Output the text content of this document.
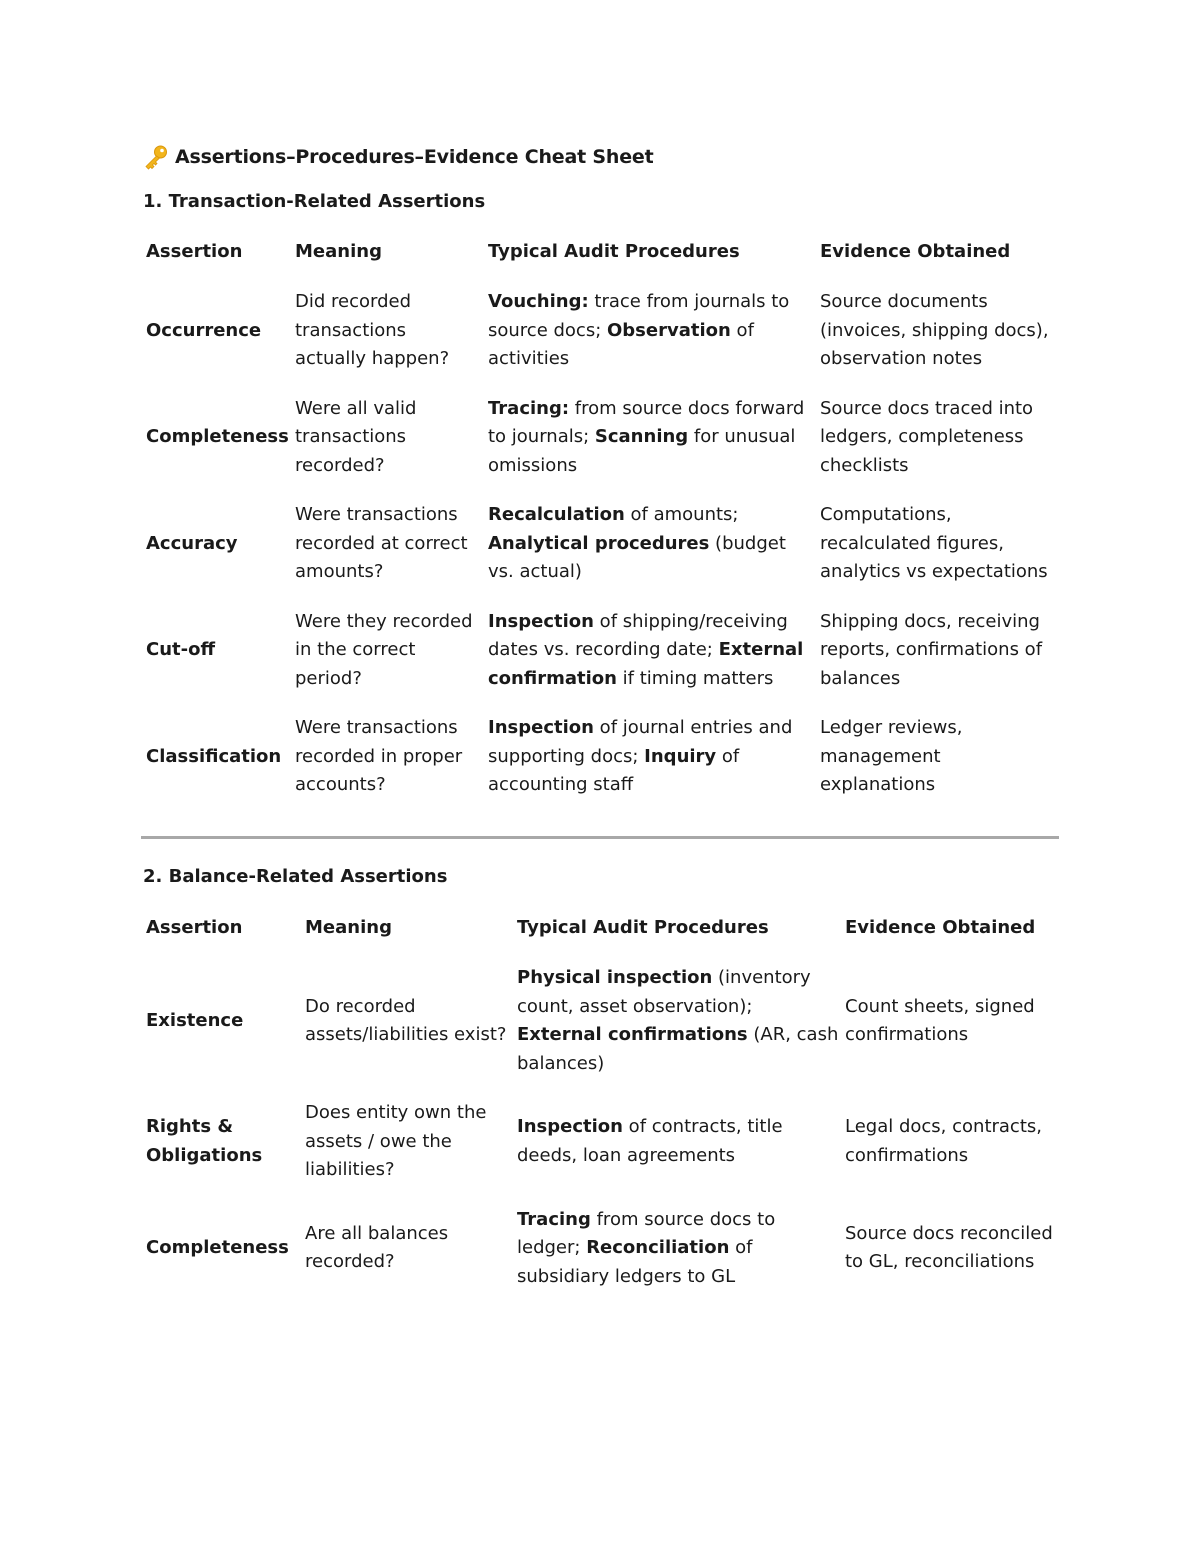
Assertions–Procedures–Evidence Cheat Sheet
1. Transaction-Related Assertions
Assertion	Meaning	Typical Audit Procedures	Evidence Obtained
Occurrence	Did recorded transactions actually happen?	Vouching: trace from journals to source docs; Observation of activities	Source documents (invoices, shipping docs), observation notes
Completeness	Were all valid transactions recorded?	Tracing: from source docs forward to journals; Scanning for unusual omissions	Source docs traced into ledgers, completeness checklists
Accuracy	Were transactions recorded at correct amounts?	Recalculation of amounts; Analytical procedures (budget vs. actual)	Computations, recalculated figures, analytics vs expectations
Cut-off	Were they recorded in the correct period?	Inspection of shipping/receiving dates vs. recording date; External confirmation if timing matters	Shipping docs, receiving reports, confirmations of balances
Classification	Were transactions recorded in proper accounts?	Inspection of journal entries and supporting docs; Inquiry of accounting staff	Ledger reviews, management explanations
2. Balance-Related Assertions
Assertion	Meaning	Typical Audit Procedures	Evidence Obtained
Existence	Do recorded assets/liabilities exist?	Physical inspection (inventory count, asset observation); External confirmations (AR, cash balances)	Count sheets, signed confirmations
Rights & Obligations	Does entity own the assets / owe the liabilities?	Inspection of contracts, title deeds, loan agreements	Legal docs, contracts, confirmations
Completeness	Are all balances recorded?	Tracing from source docs to ledger; Reconciliation of subsidiary ledgers to GL	Source docs reconciled to GL, reconciliations
